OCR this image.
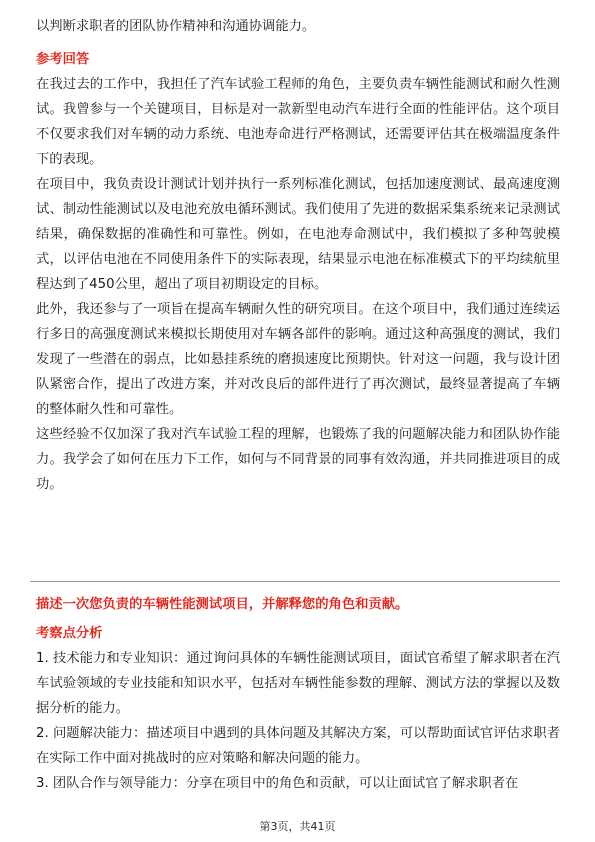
以判断求职者的团队协作精神和沟通协调能力。

参考回答

在我过去的工作中，我担任了汽车试验工程师的角色，主要负责车辆性能测试和耐久性测试。我曾参与一个关键项目，目标是对一款新型电动汽车进行全面的性能评估。这个项目不仅要求我们对车辆的动力系统、电池寿命进行严格测试，还需要评估其在极端温度条件下的表现。

在项目中，我负责设计测试计划并执行一系列标准化测试，包括加速度测试、最高速度测试、制动性能测试以及电池充放电循环测试。我们使用了先进的数据采集系统来记录测试结果，确保数据的准确性和可靠性。例如，在电池寿命测试中，我们模拟了多种驾驶模式，以评估电池在不同使用条件下的实际表现，结果显示电池在标准模式下的平均续航里程达到了450公里，超出了项目初期设定的目标。

此外，我还参与了一项旨在提高车辆耐久性的研究项目。在这个项目中，我们通过连续运行多日的高强度测试来模拟长期使用对车辆各部件的影响。通过这种高强度的测试，我们发现了一些潜在的弱点，比如悬挂系统的磨损速度比预期快。针对这一问题，我与设计团队紧密合作，提出了改进方案，并对改良后的部件进行了再次测试，最终显著提高了车辆的整体耐久性和可靠性。

这些经验不仅加深了我对汽车试验工程的理解，也锻炼了我的问题解决能力和团队协作能力。我学会了如何在压力下工作，如何与不同背景的同事有效沟通，并共同推进项目的成功。

描述一次您负责的车辆性能测试项目，并解释您的角色和贡献。

考察点分析

1. 技术能力和专业知识：通过询问具体的车辆性能测试项目，面试官希望了解求职者在汽车试验领域的专业技能和知识水平，包括对车辆性能参数的理解、测试方法的掌握以及数据分析的能力。

2. 问题解决能力：描述项目中遇到的具体问题及其解决方案，可以帮助面试官评估求职者在实际工作中面对挑战时的应对策略和解决问题的能力。

3. 团队合作与领导能力：分享在项目中的角色和贡献，可以让面试官了解求职者在

第3页，共41页
